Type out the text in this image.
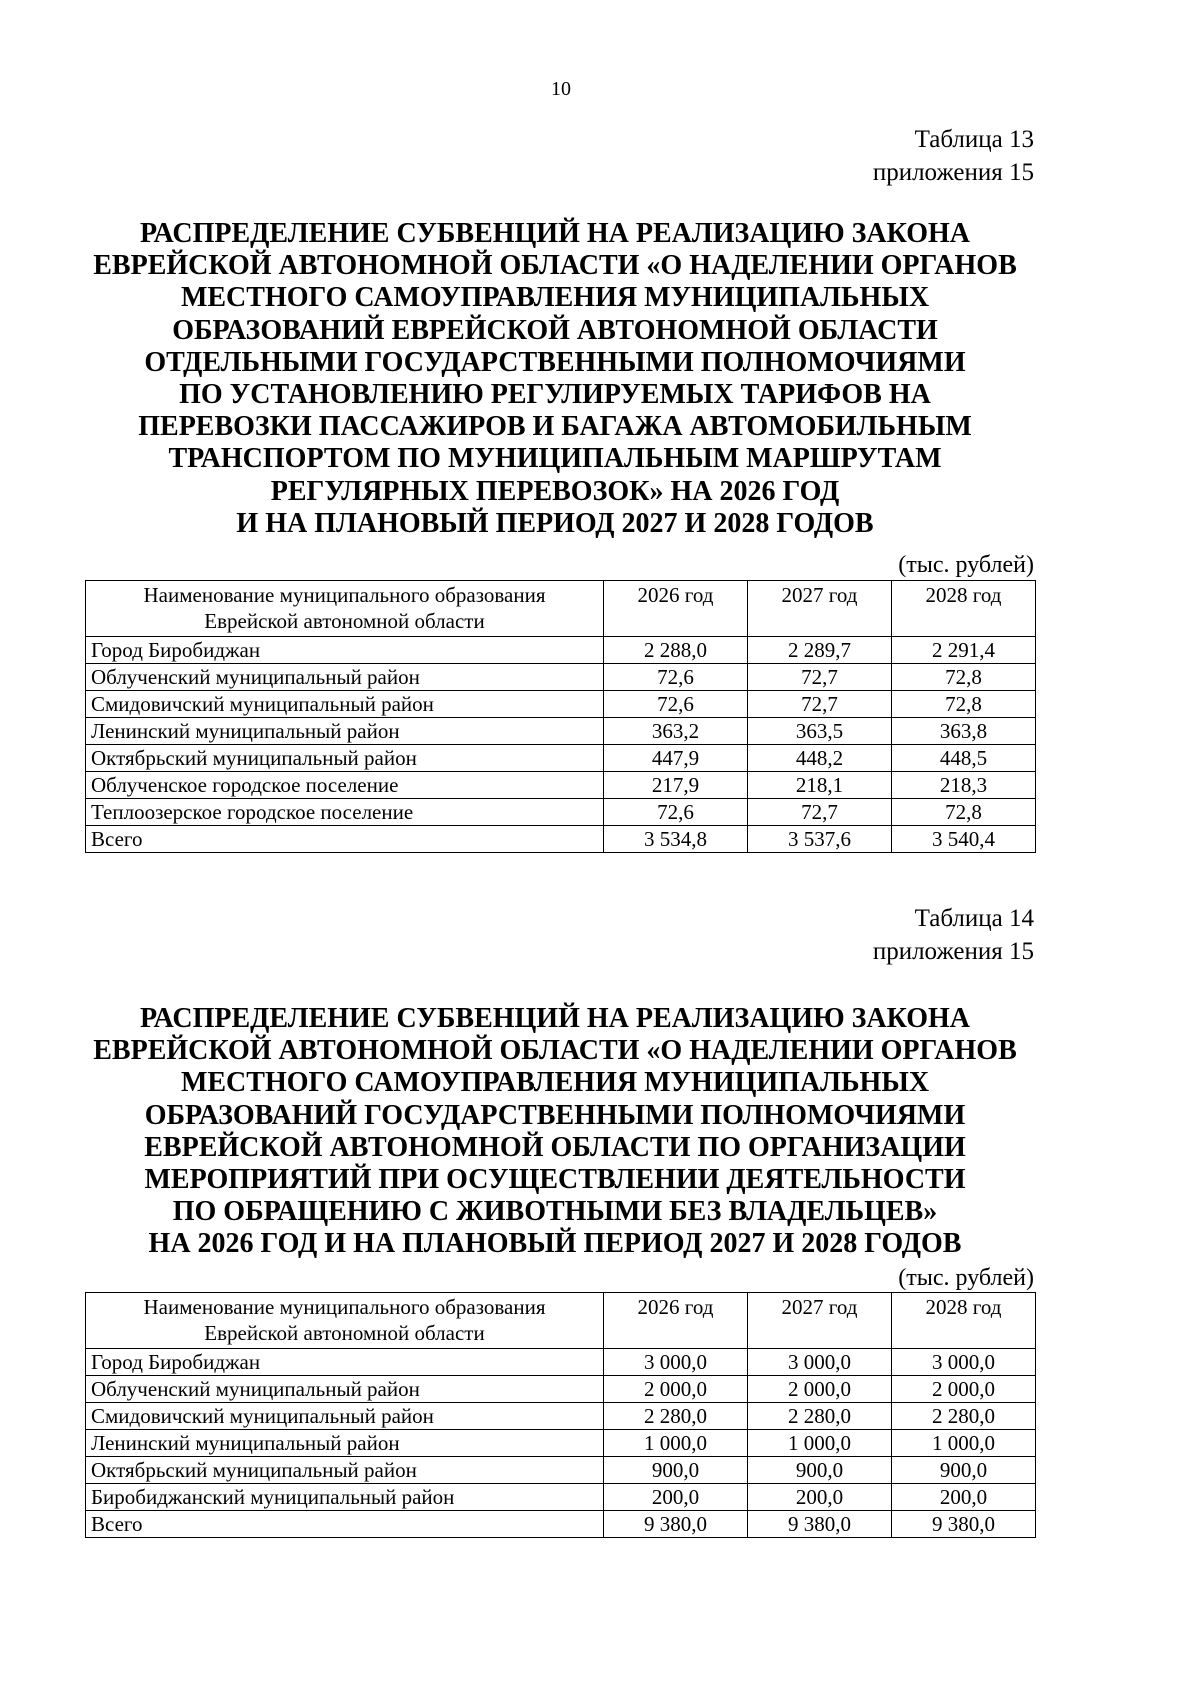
10
Таблица 13
приложения 15
РАСПРЕДЕЛЕНИЕ СУБВЕНЦИЙ НА РЕАЛИЗАЦИЮ ЗАКОНА
ЕВРЕЙСКОЙ АВТОНОМНОЙ ОБЛАСТИ «О НАДЕЛЕНИИ ОРГАНОВ
МЕСТНОГО САМОУПРАВЛЕНИЯ МУНИЦИПАЛЬНЫХ
ОБРАЗОВАНИЙ ЕВРЕЙСКОЙ АВТОНОМНОЙ ОБЛАСТИ
ОТДЕЛЬНЫМИ ГОСУДАРСТВЕННЫМИ ПОЛНОМОЧИЯМИ
ПО УСТАНОВЛЕНИЮ РЕГУЛИРУЕМЫХ ТАРИФОВ НА
ПЕРЕВОЗКИ ПАССАЖИРОВ И БАГАЖА АВТОМОБИЛЬНЫМ
ТРАНСПОРТОМ ПО МУНИЦИПАЛЬНЫМ МАРШРУТАМ
РЕГУЛЯРНЫХ ПЕРЕВОЗОК» НА 2026 ГОД
И НА ПЛАНОВЫЙ ПЕРИОД 2027 И 2028 ГОДОВ
(тыс. рублей)
Наименование муниципального образования
Еврейской автономной области	2026 год	2027 год	2028 год
Город Биробиджан	2 288,0	2 289,7	2 291,4
Облученский муниципальный район	72,6	72,7	72,8
Смидовичский муниципальный район	72,6	72,7	72,8
Ленинский муниципальный район	363,2	363,5	363,8
Октябрьский муниципальный район	447,9	448,2	448,5
Облученское городское поселение	217,9	218,1	218,3
Теплоозерское городское поселение	72,6	72,7	72,8
Всего	3 534,8	3 537,6	3 540,4
Таблица 14
приложения 15
РАСПРЕДЕЛЕНИЕ СУБВЕНЦИЙ НА РЕАЛИЗАЦИЮ ЗАКОНА
ЕВРЕЙСКОЙ АВТОНОМНОЙ ОБЛАСТИ «О НАДЕЛЕНИИ ОРГАНОВ
МЕСТНОГО САМОУПРАВЛЕНИЯ МУНИЦИПАЛЬНЫХ
ОБРАЗОВАНИЙ ГОСУДАРСТВЕННЫМИ ПОЛНОМОЧИЯМИ
ЕВРЕЙСКОЙ АВТОНОМНОЙ ОБЛАСТИ ПО ОРГАНИЗАЦИИ
МЕРОПРИЯТИЙ ПРИ ОСУЩЕСТВЛЕНИИ ДЕЯТЕЛЬНОСТИ
ПО ОБРАЩЕНИЮ С ЖИВОТНЫМИ БЕЗ ВЛАДЕЛЬЦЕВ»
НА 2026 ГОД И НА ПЛАНОВЫЙ ПЕРИОД 2027 И 2028 ГОДОВ
(тыс. рублей)
Наименование муниципального образования
Еврейской автономной области	2026 год	2027 год	2028 год
Город Биробиджан	3 000,0	3 000,0	3 000,0
Облученский муниципальный район	2 000,0	2 000,0	2 000,0
Смидовичский муниципальный район	2 280,0	2 280,0	2 280,0
Ленинский муниципальный район	1 000,0	1 000,0	1 000,0
Октябрьский муниципальный район	900,0	900,0	900,0
Биробиджанский муниципальный район	200,0	200,0	200,0
Всего	9 380,0	9 380,0	9 380,0
